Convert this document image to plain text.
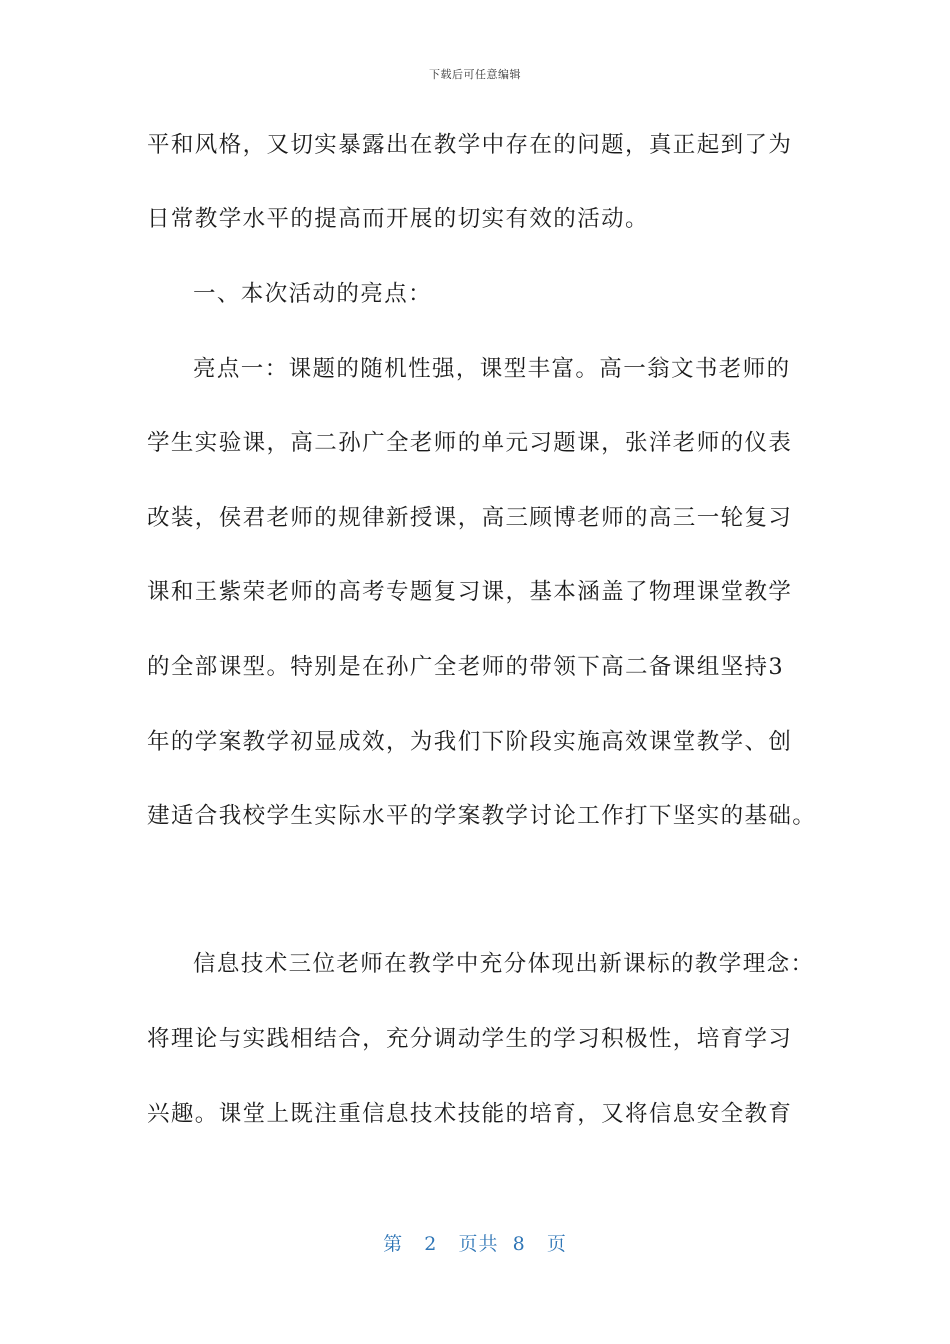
下载后可任意编辑
平和风格，又切实暴露出在教学中存在的问题，真正起到了为
日常教学水平的提高而开展的切实有效的活动。
一、本次活动的亮点：
亮点一：课题的随机性强，课型丰富。高一翁文书老师的
学生实验课，高二孙广全老师的单元习题课，张洋老师的仪表
改装，侯君老师的规律新授课，高三顾博老师的高三一轮复习
课和王紫荣老师的高考专题复习课，基本涵盖了物理课堂教学
的全部课型。特别是在孙广全老师的带领下高二备课组坚持3
年的学案教学初显成效，为我们下阶段实施高效课堂教学、创
建适合我校学生实际水平的学案教学讨论工作打下坚实的基础。
信息技术三位老师在教学中充分体现出新课标的教学理念：
将理论与实践相结合，充分调动学生的学习积极性，培育学习
兴趣。课堂上既注重信息技术技能的培育，又将信息安全教育
第 2 页共 8 页
